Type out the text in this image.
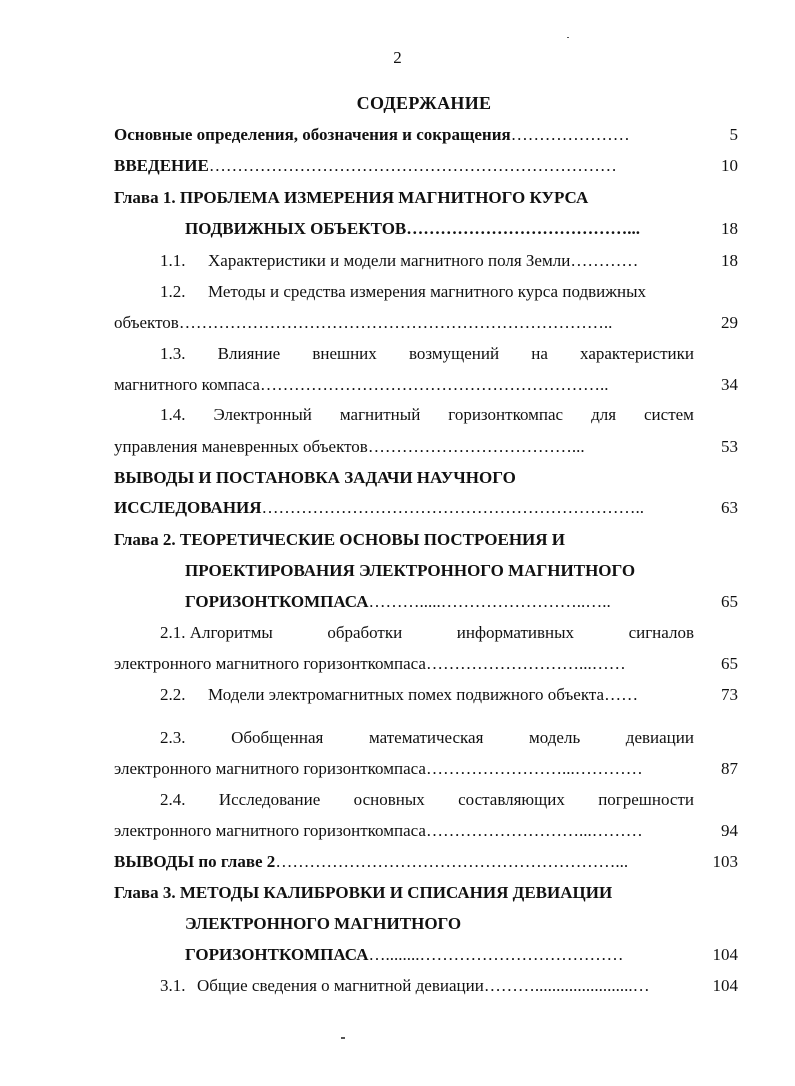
2
СОДЕРЖАНИЕ
Основные определения, обозначения и сокращения…………………	5
ВВЕДЕНИЕ………………………………………………………………	10
Глава 1. ПРОБЛЕМА ИЗМЕРЕНИЯ МАГНИТНОГО КУРСА
ПОДВИЖНЫХ ОБЪЕКТОВ…………………………………...	18
1.1. Характеристики и модели магнитного поля Земли…………	18
1.2. Методы и средства измерения магнитного курса подвижных
объектов…………………………………………………………………..	29
1.3. Влияние внешних возмущений на характеристики
магнитного компаса……………………………………………………..	34
1.4. Электронный магнитный горизонткомпас для систем
управления маневренных объектов………………………………...	53
ВЫВОДЫ И ПОСТАНОВКА ЗАДАЧИ НАУЧНОГО
ИССЛЕДОВАНИЯ…………………………………………………………..	63
Глава 2. ТЕОРЕТИЧЕСКИЕ ОСНОВЫ ПОСТРОЕНИЯ И
ПРОЕКТИРОВАНИЯ ЭЛЕКТРОННОГО МАГНИТНОГО
ГОРИЗОНТКОМПАСА……….....……………………..…..	65
2.1. Алгоритмы	обработки	информативных	сигналов
электронного магнитного горизонткомпаса………………………...……	65
2.2. Модели электромагнитных помех подвижного объекта……	73
2.3.	Обобщенная	математическая	модель	девиации
электронного магнитного горизонткомпаса……………………...…………	87
2.4. Исследование основных составляющих погрешности
электронного магнитного горизонткомпаса………………………...………	94
ВЫВОДЫ по главе 2……………………………………………………...	103
Глава 3. МЕТОДЫ КАЛИБРОВКИ И СПИСАНИЯ ДЕВИАЦИИ
ЭЛЕКТРОННОГО МАГНИТНОГО
ГОРИЗОНТКОМПАСА…........………………………………	104
3.1. Общие сведения о магнитной девиации……….......................…	104
